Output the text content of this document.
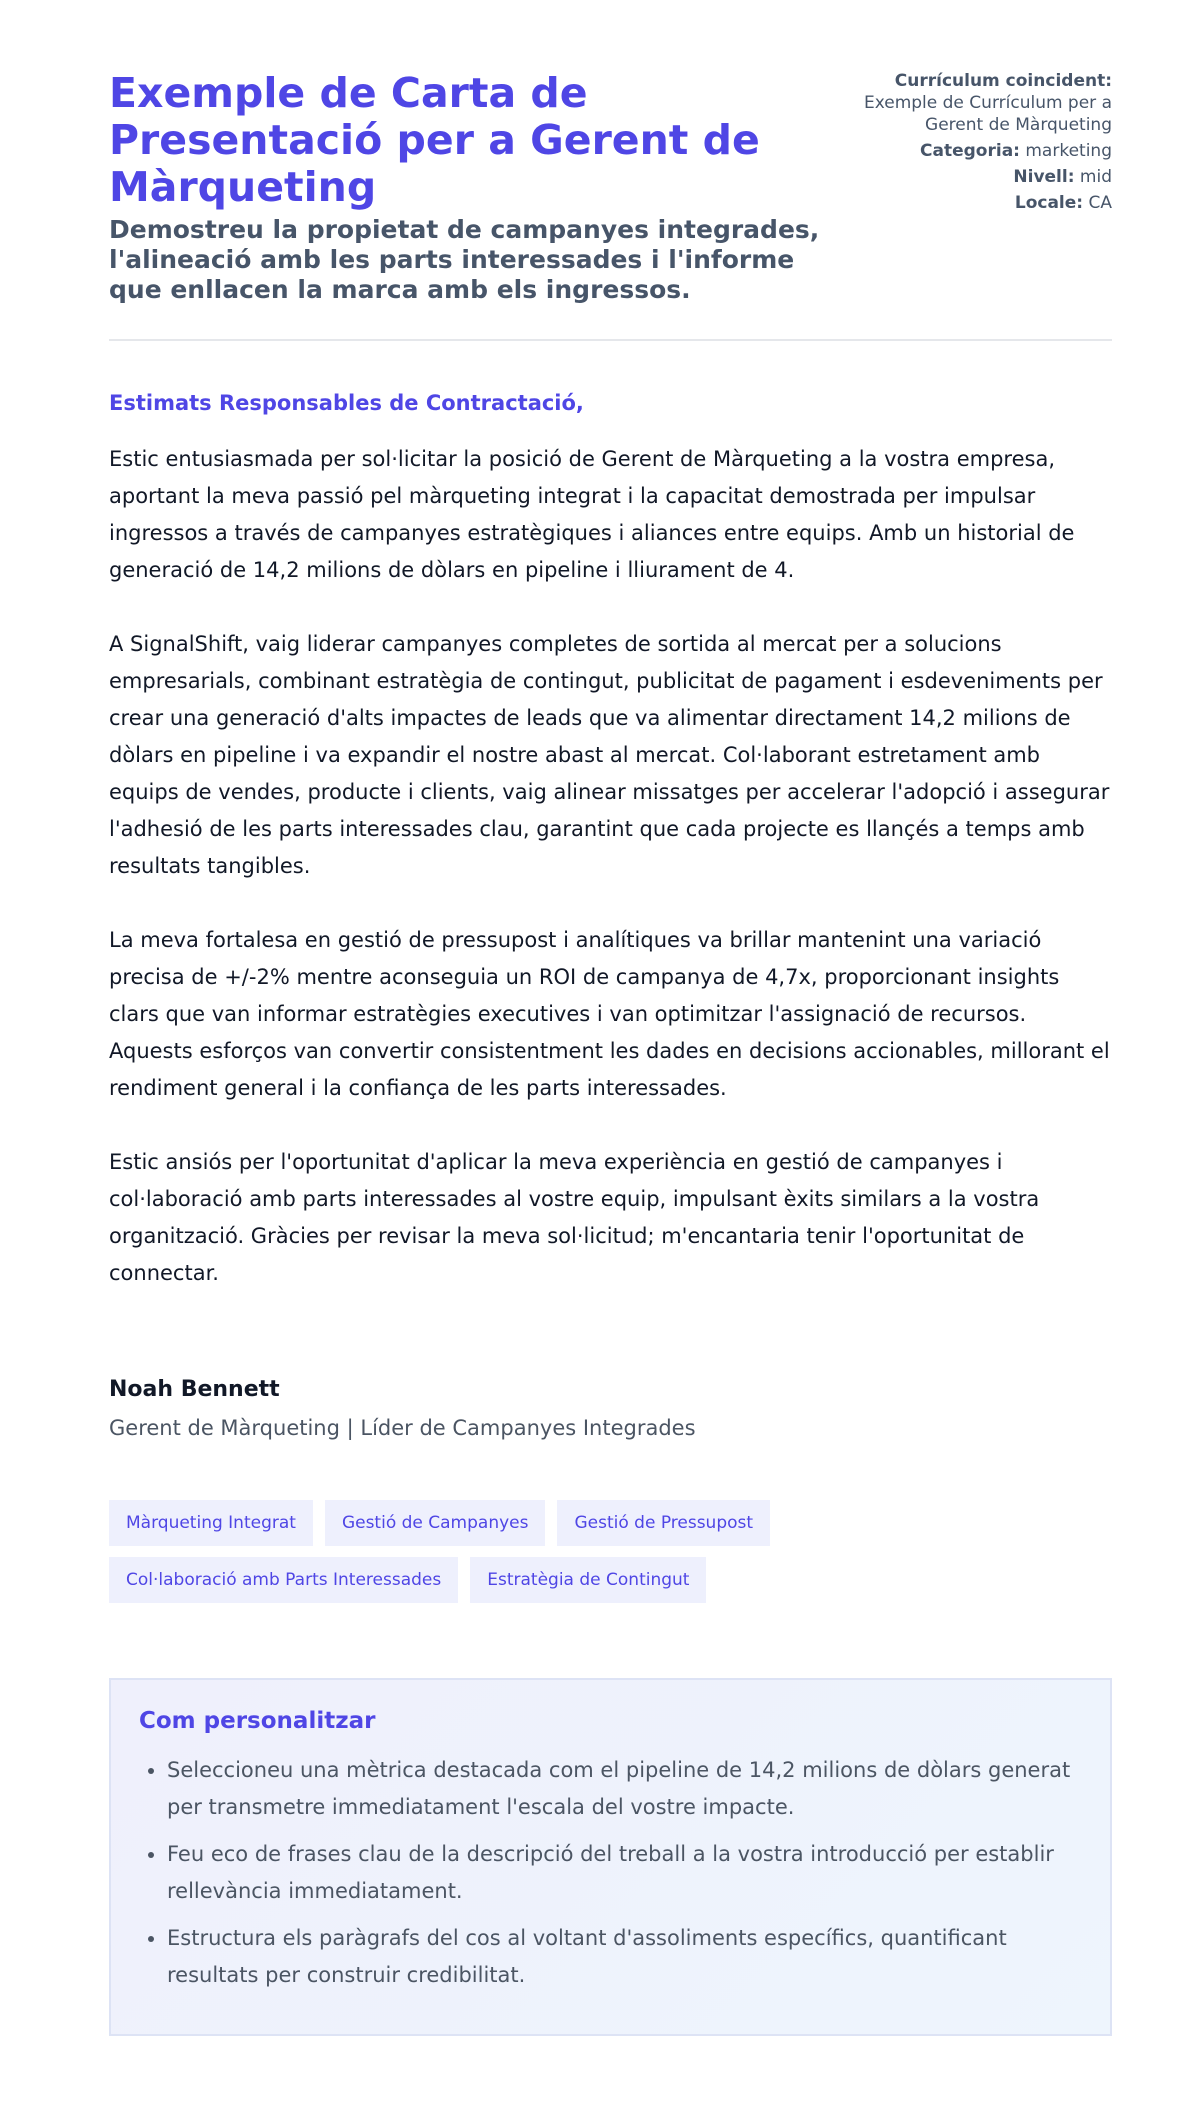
Exemple de Carta de Presentació per a Gerent de Màrqueting
Demostreu la propietat de campanyes integrades, l'alineació amb les parts interessades i l'informe que enllacen la marca amb els ingressos.
Currículum coincident:
Exemple de Currículum per a Gerent de Màrqueting
Categoria: marketing
Nivell: mid
Locale: CA
Estimats Responsables de Contractació,

Estic entusiasmada per sol·licitar la posició de Gerent de Màrqueting a la vostra empresa, aportant la meva passió pel màrqueting integrat i la capacitat demostrada per impulsar ingressos a través de campanyes estratègiques i aliances entre equips. Amb un historial de generació de 14,2 milions de dòlars en pipeline i lliurament de 4.

A SignalShift, vaig liderar campanyes completes de sortida al mercat per a solucions empresarials, combinant estratègia de contingut, publicitat de pagament i esdeveniments per crear una generació d'alts impactes de leads que va alimentar directament 14,2 milions de dòlars en pipeline i va expandir el nostre abast al mercat. Col·laborant estretament amb equips de vendes, producte i clients, vaig alinear missatges per accelerar l'adopció i assegurar l'adhesió de les parts interessades clau, garantint que cada projecte es llançés a temps amb resultats tangibles.

La meva fortalesa en gestió de pressupost i analítiques va brillar mantenint una variació precisa de +/-2% mentre aconseguia un ROI de campanya de 4,7x, proporcionant insights clars que van informar estratègies executives i van optimitzar l'assignació de recursos. Aquests esforços van convertir consistentment les dades en decisions accionables, millorant el rendiment general i la confiança de les parts interessades.

Estic ansiós per l'oportunitat d'aplicar la meva experiència en gestió de campanyes i col·laboració amb parts interessades al vostre equip, impulsant èxits similars a la vostra organització. Gràcies per revisar la meva sol·licitud; m'encantaria tenir l'oportunitat de connectar.

Noah Bennett
Gerent de Màrqueting | Líder de Campanyes Integrades
Màrqueting Integrat	Gestió de Campanyes	Gestió de Pressupost
Col·laboració amb Parts Interessades	Estratègia de Contingut
Com personalitzar
• Seleccioneu una mètrica destacada com el pipeline de 14,2 milions de dòlars generat per transmetre immediatament l'escala del vostre impacte.
• Feu eco de frases clau de la descripció del treball a la vostra introducció per establir rellevància immediatament.
• Estructura els paràgrafs del cos al voltant d'assoliments específics, quantificant resultats per construir credibilitat.
